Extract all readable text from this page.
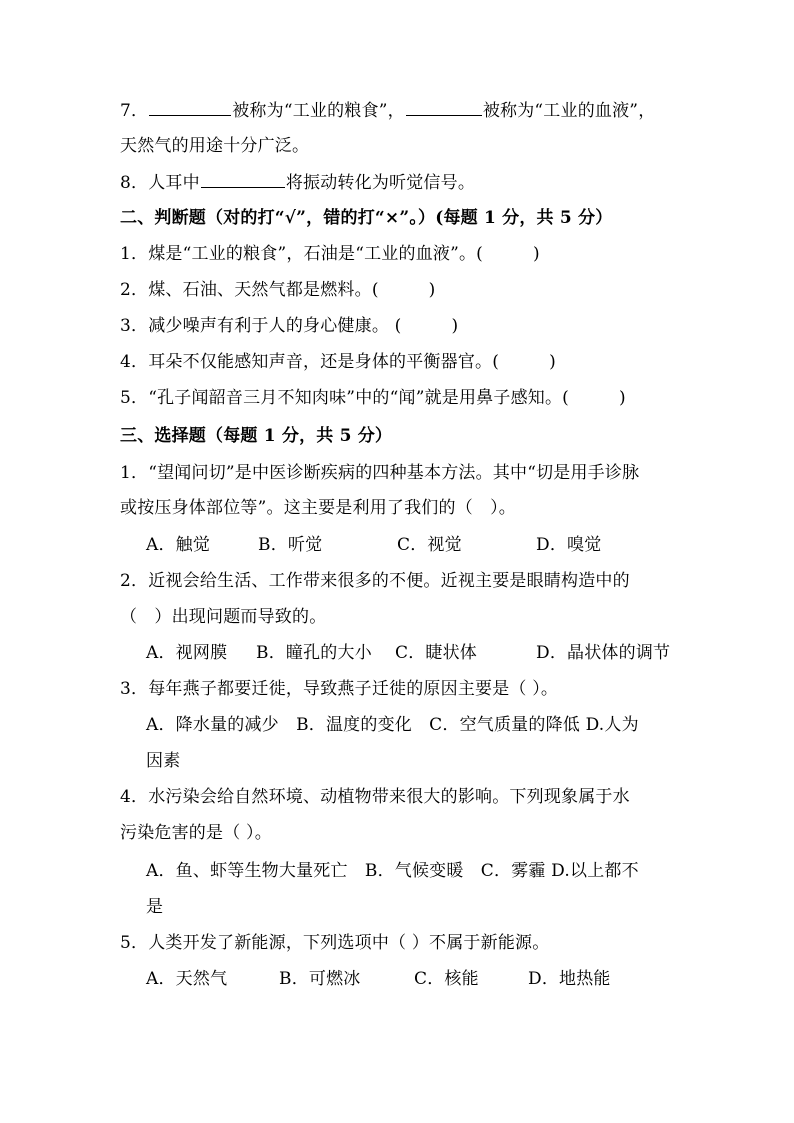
7．	被称为“工业的粮食”，	被称为“工业的血液”，
天然气的用途十分广泛。
8．人耳中	将振动转化为听觉信号。
二、判断题（对的打“√”，错的打“×”。）(每题 1 分，共 5 分）
1．煤是“工业的粮食”，石油是“工业的血液”。(	)
2．煤、石油、天然气都是燃料。(	)
3．减少噪声有利于人的身心健康。 (	)
4．耳朵不仅能感知声音，还是身体的平衡器官。(	)
5．“孔子闻韶音三月不知肉味”中的“闻”就是用鼻子感知。(	)
三、选择题（每题 1 分，共 5 分）
1．“望闻问切”是中医诊断疾病的四种基本方法。其中“切是用手诊脉
或按压身体部位等”。这主要是利用了我们的（　）。
A．触觉	B．听觉	C．视觉	D．嗅觉
2．近视会给生活、工作带来很多的不便。近视主要是眼睛构造中的
（　）出现问题而导致的。
A．视网膜 B．瞳孔的大小 C．睫状体	D．晶状体的调节
3．每年燕子都要迁徙，导致燕子迁徙的原因主要是（ ）。
A．降水量的减少　B．温度的变化　C．空气质量的降低 D.人为
因素
4．水污染会给自然环境、动植物带来很大的影响。下列现象属于水
污染危害的是（ ）。
A．鱼、虾等生物大量死亡　B．气候变暖　C．雾霾 D.以上都不
是
5．人类开发了新能源，下列选项中（ ）不属于新能源。
A．天然气	B．可燃冰	C．核能	D．地热能
